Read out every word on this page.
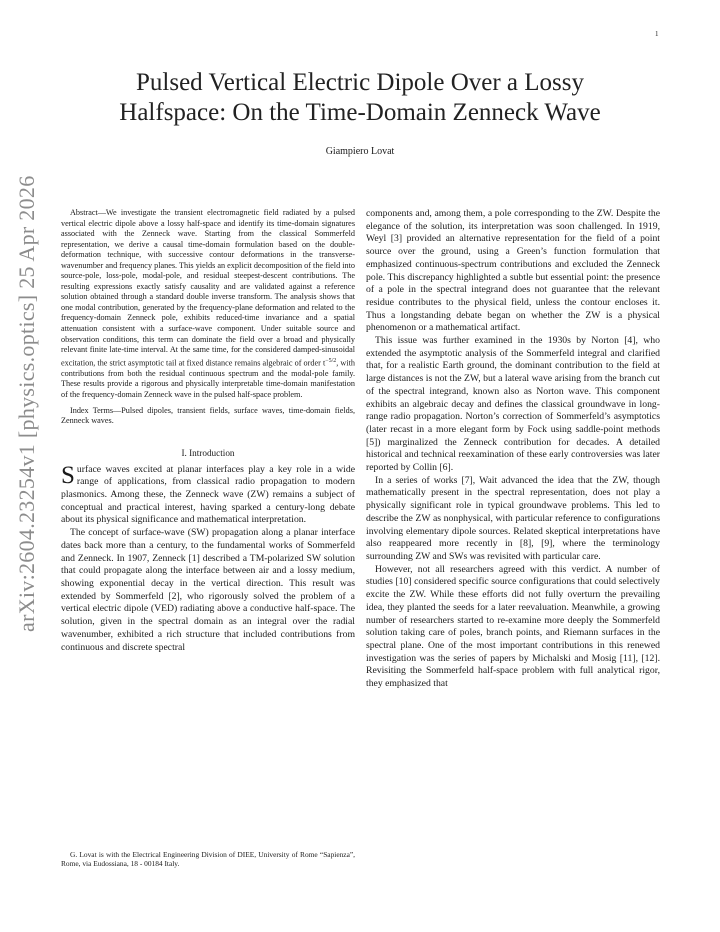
1
arXiv:2604.23254v1 [physics.optics] 25 Apr 2026
Pulsed Vertical Electric Dipole Over a Lossy
Halfspace: On the Time-Domain Zenneck Wave
Giampiero Lovat

Abstract—We investigate the transient electromagnetic field radiated by a pulsed vertical electric dipole above a lossy half-space and identify its time-domain signatures associated with the Zenneck wave. Starting from the classical Sommerfeld representation, we derive a causal time-domain formulation based on the double-deformation technique, with successive contour deformations in the transverse-wavenumber and frequency planes. This yields an explicit decomposition of the field into source-pole, loss-pole, modal-pole, and residual steepest-descent contributions. The resulting expressions exactly satisfy causality and are validated against a reference solution obtained through a standard double inverse transform. The analysis shows that one modal contribution, generated by the frequency-plane deformation and related to the frequency-domain Zenneck pole, exhibits reduced-time invariance and a spatial attenuation consistent with a surface-wave component. Under suitable source and observation conditions, this term can dominate the field over a broad and physically relevant finite late-time interval. At the same time, for the considered damped-sinusoidal excitation, the strict asymptotic tail at fixed distance remains algebraic of order $t^{-5/2}$, with contributions from both the residual continuous spectrum and the modal-pole family. These results provide a rigorous and physically interpretable time-domain manifestation of the frequency-domain Zenneck wave in the pulsed half-space problem.

Index Terms—Pulsed dipoles, transient fields, surface waves, time-domain fields, Zenneck waves.

I. Introduction

Surface waves excited at planar interfaces play a key role in a wide range of applications, from classical radio propagation to modern plasmonics. Among these, the Zenneck wave (ZW) remains a subject of conceptual and practical interest, having sparked a century-long debate about its physical significance and mathematical interpretation.

The concept of surface-wave (SW) propagation along a planar interface dates back more than a century, to the fundamental works of Sommerfeld and Zenneck. In 1907, Zenneck [1] described a TM-polarized SW solution that could propagate along the interface between air and a lossy medium, showing exponential decay in the vertical direction. This result was extended by Sommerfeld [2], who rigorously solved the problem of a vertical electric dipole (VED) radiating above a conductive half-space. The solution, given in the spectral domain as an integral over the radial wavenumber, exhibited a rich structure that included contributions from continuous and discrete spectral

G. Lovat is with the Electrical Engineering Division of DIEE, University of Rome “Sapienza”, Rome, via Eudossiana, 18 - 00184 Italy.

components and, among them, a pole corresponding to the ZW. Despite the elegance of the solution, its interpretation was soon challenged. In 1919, Weyl [3] provided an alternative representation for the field of a point source over the ground, using a Green’s function formulation that emphasized continuous-spectrum contributions and excluded the Zenneck pole. This discrepancy highlighted a subtle but essential point: the presence of a pole in the spectral integrand does not guarantee that the relevant residue contributes to the physical field, unless the contour encloses it. Thus a longstanding debate began on whether the ZW is a physical phenomenon or a mathematical artifact.

This issue was further examined in the 1930s by Norton [4], who extended the asymptotic analysis of the Sommerfeld integral and clarified that, for a realistic Earth ground, the dominant contribution to the field at large distances is not the ZW, but a lateral wave arising from the branch cut of the spectral integrand, known also as Norton wave. This component exhibits an algebraic decay and defines the classical groundwave in long-range radio propagation. Norton’s correction of Sommerfeld’s asymptotics (later recast in a more elegant form by Fock using saddle-point methods [5]) marginalized the Zenneck contribution for decades. A detailed historical and technical reexamination of these early controversies was later reported by Collin [6].

In a series of works [7], Wait advanced the idea that the ZW, though mathematically present in the spectral representation, does not play a physically significant role in typical groundwave problems. This led to describe the ZW as nonphysical, with particular reference to configurations involving elementary dipole sources. Related skeptical interpretations have also reappeared more recently in [8], [9], where the terminology surrounding ZW and SWs was revisited with particular care.

However, not all researchers agreed with this verdict. A number of studies [10] considered specific source configurations that could selectively excite the ZW. While these efforts did not fully overturn the prevailing idea, they planted the seeds for a later reevaluation. Meanwhile, a growing number of researchers started to re-examine more deeply the Sommerfeld solution taking care of poles, branch points, and Riemann surfaces in the spectral plane. One of the most important contributions in this renewed investigation was the series of papers by Michalski and Mosig [11], [12]. Revisiting the Sommerfeld half-space problem with full analytical rigor, they emphasized that
